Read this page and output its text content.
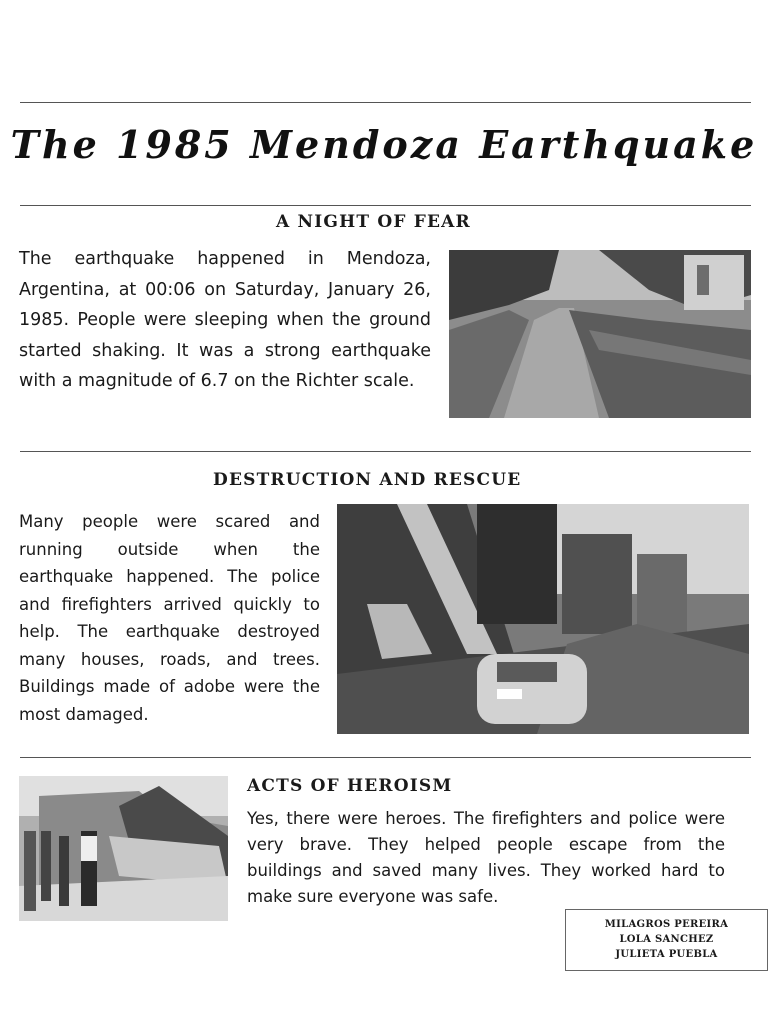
The 1985 Mendoza Earthquake
A NIGHT OF FEAR
The earthquake happened in Mendoza, Argentina, at 00:06 on Saturday, January 26, 1985. People were sleeping when the ground started shaking. It was a strong earthquake with a magnitude of 6.7 on the Richter scale.
DESTRUCTION AND RESCUE
Many people were scared and running outside when the earthquake happened. The police and firefighters arrived quickly to help. The earthquake destroyed many houses, roads, and trees. Buildings made of adobe were the most damaged.
ACTS OF HEROISM
Yes, there were heroes. The firefighters and police were very brave. They helped people escape from the buildings and saved many lives. They worked hard to make sure everyone was safe.
MILAGROS PEREIRA
LOLA SANCHEZ
JULIETA PUEBLA
